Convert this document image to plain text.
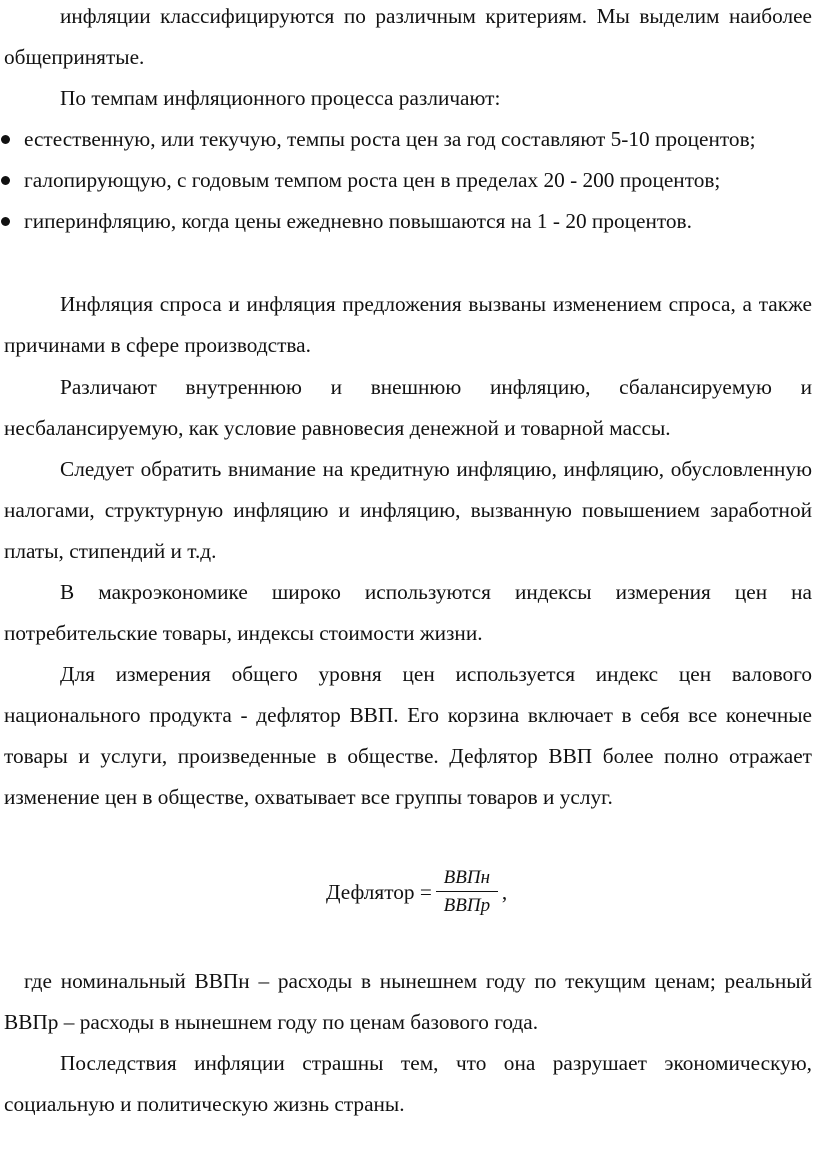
инфляции классифицируются по различным критериям. Мы выделим наиболее общепринятые.
По темпам инфляционного процесса различают:
естественную, или текучую, темпы роста цен за год составляют 5-10 процентов;
галопирующую, с годовым темпом роста цен в пределах 20 - 200 процентов;
гиперинфляцию, когда цены ежедневно повышаются на 1 - 20 процентов.
Инфляция спроса и инфляция предложения вызваны изменением спроса, а также причинами в сфере производства.
Различают внутреннюю и внешнюю инфляцию, сбалансируемую и несбалансируемую, как условие равновесия денежной и товарной массы.
Следует обратить внимание на кредитную инфляцию, инфляцию, обусловленную налогами, структурную инфляцию и инфляцию, вызванную повышением заработной платы, стипендий и т.д.
В макроэкономике широко используются индексы измерения цен на потребительские товары, индексы стоимости жизни.
Для измерения общего уровня цен используется индекс цен валового национального продукта - дефлятор ВВП. Его корзина включает в себя все конечные товары и услуги, произведенные в обществе. Дефлятор ВВП более полно отражает изменение цен в обществе, охватывает все группы товаров и услуг.
Дефлятор = $\frac{\text{ВВПн}}{\text{ВВПр}}$ ,
где номинальный ВВПн – расходы в нынешнем году по текущим ценам; реальный ВВПр – расходы в нынешнем году по ценам базового года.
Последствия инфляции страшны тем, что она разрушает экономическую, социальную и политическую жизнь страны.
